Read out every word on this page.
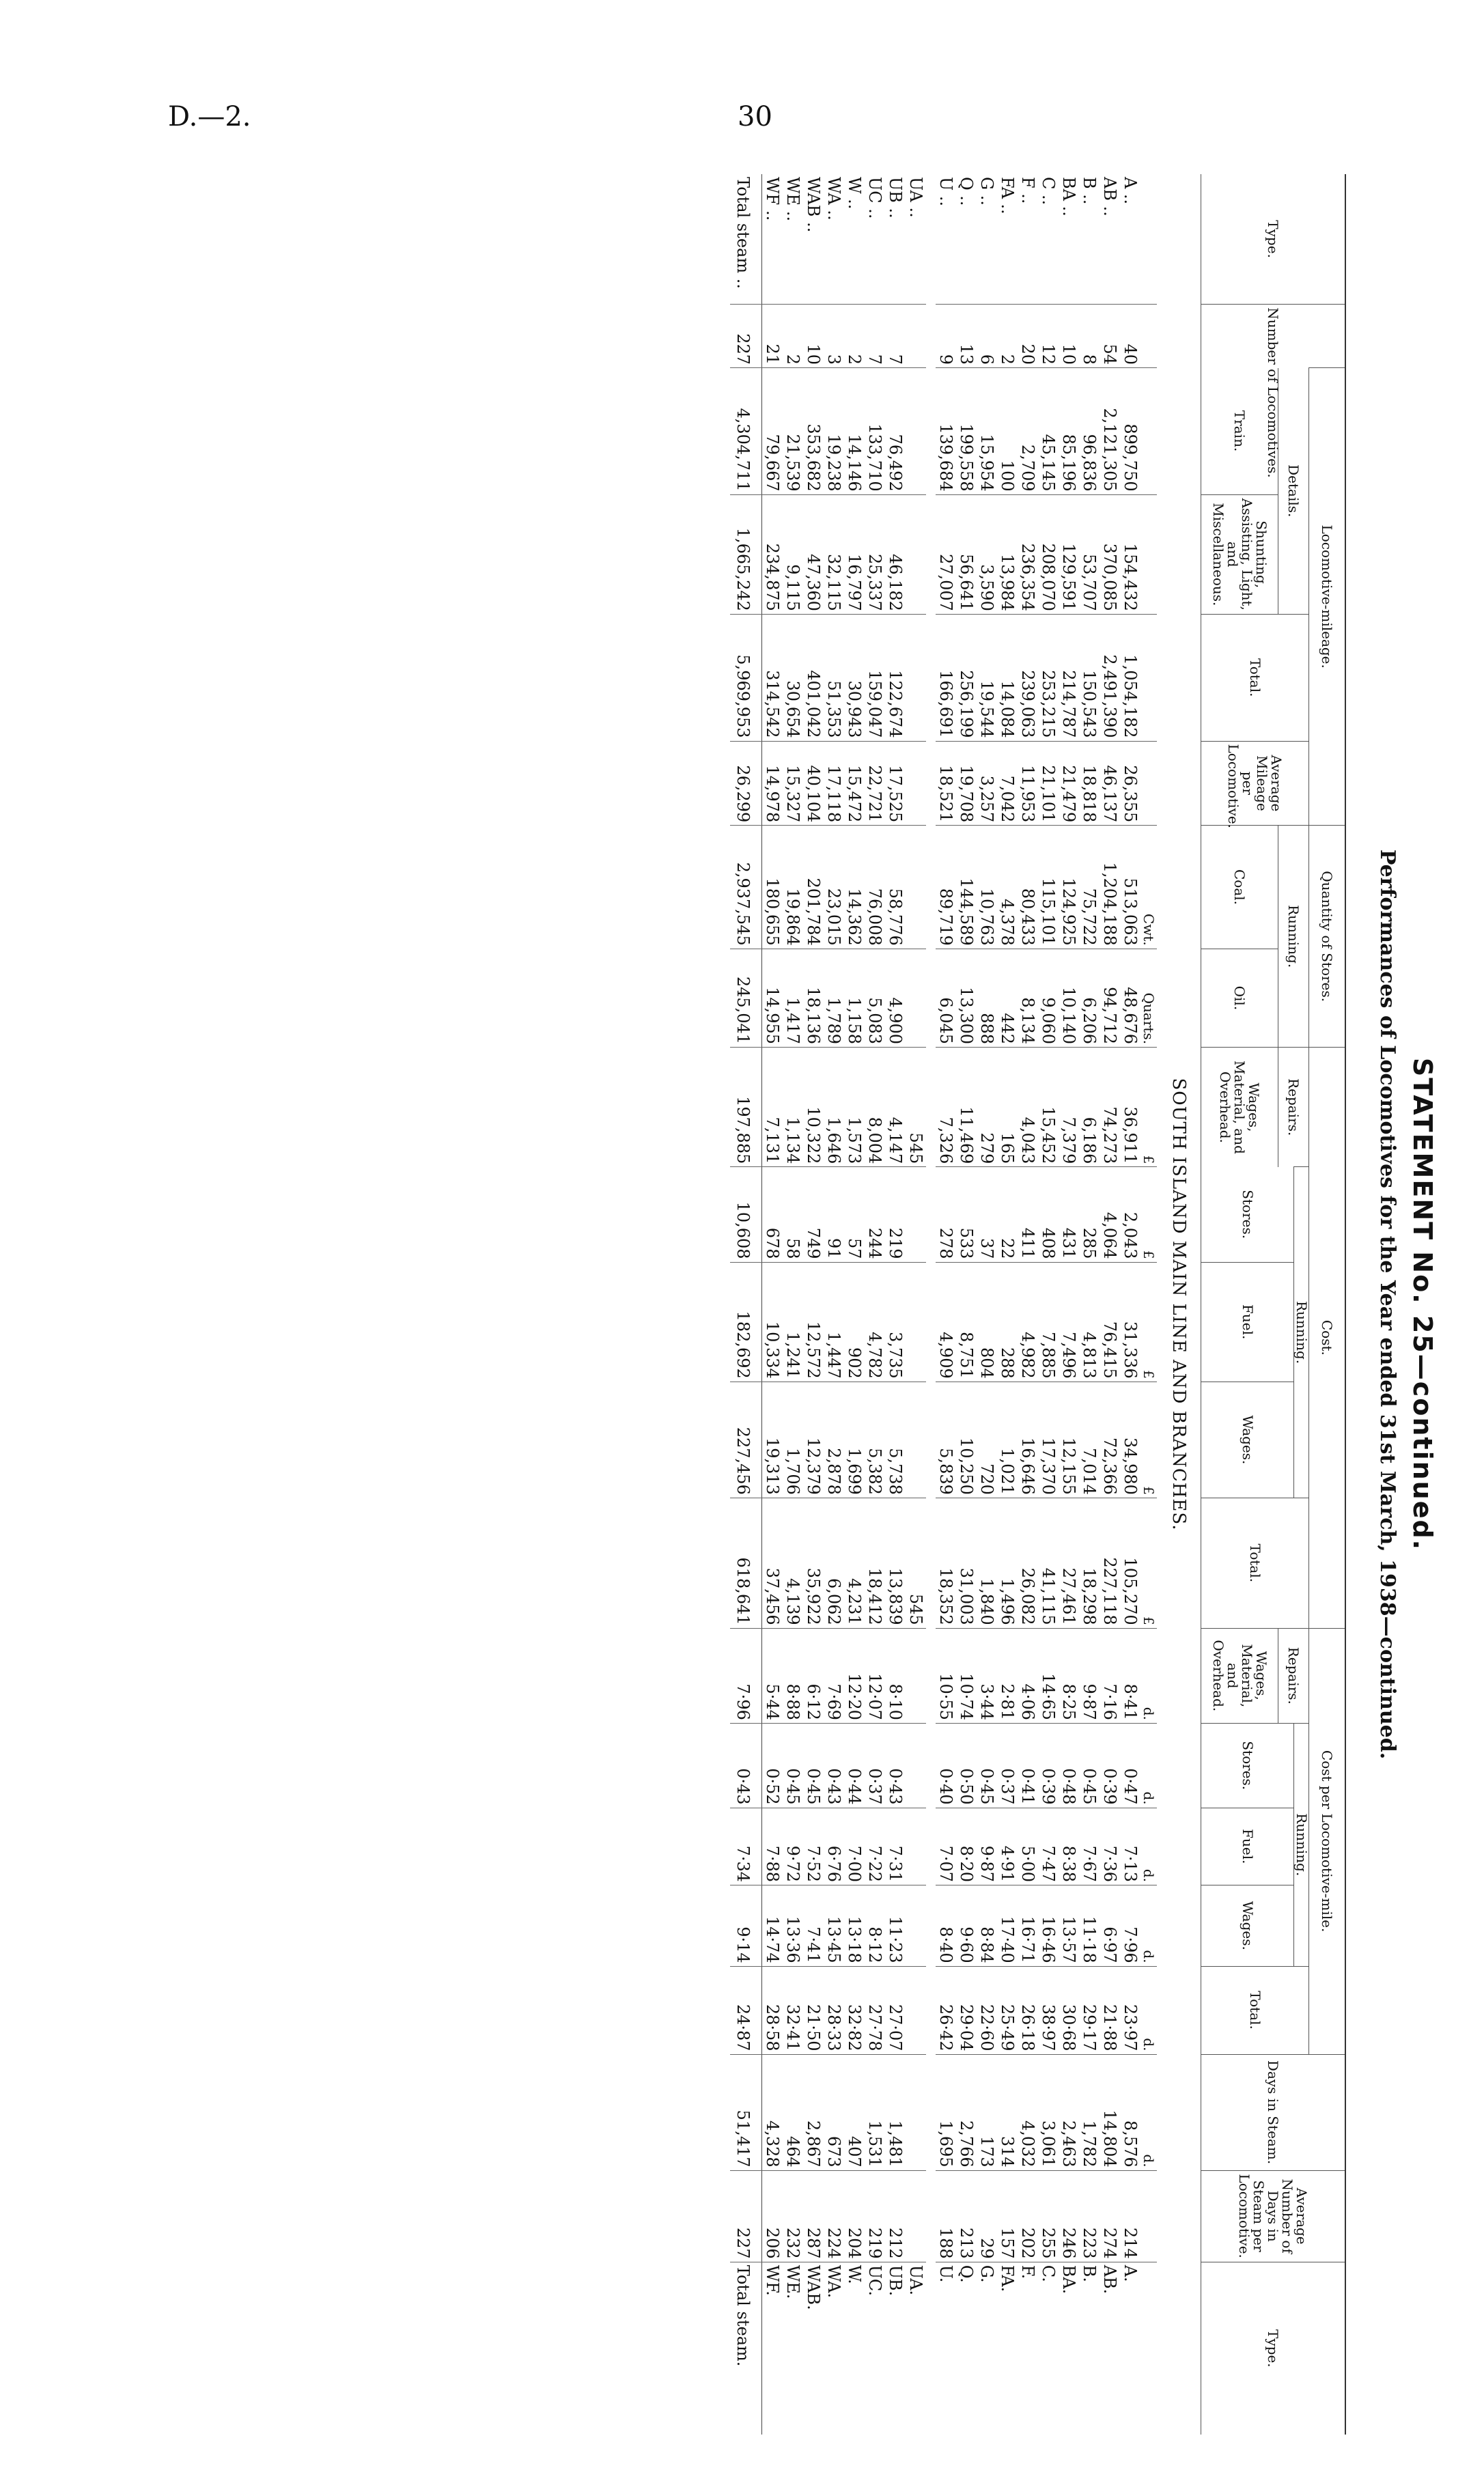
D.—2.	30
STATEMENT No. 25—continued.
Performances of Locomotives for the Year ended 31st March, 1938—continued.
Type.	Number of Locomotives.	Locomotive-mileage.				Quantity of Stores.		Cost.					Cost per Locomotive-mile.					Days in Steam.	Average Number of Days in Steam per Locomotive.	Type.
		Details.		Total.	Average Mileage per Locomotive.	Running.		Repairs.	Running.			Total.	Repairs.	Running.			Total.			
									Stores.	Fuel.	Wages.			Stores.	Fuel.	Wages.				
		Train.	Shunting, Assisting, Light, and Miscellaneous.			Coal.	Oil.	Wages, Material, and Overhead.					Wages, Material, and Overhead.							
SOUTH ISLAND MAIN LINE AND BRANCHES.																				
						Cwt.	Quarts.	£	£	£	£	£	d.	d.	d.	d.	d.	d.		
A ..	40	899,750	154,432	1,054,182	26,355	513,063	48,676	36,911	2,043	31,336	34,980	105,270	8·41	0·47	7·13	7·96	23·97	8,576	214	A.
AB ..	54	2,121,305	370,085	2,491,390	46,137	1,204,188	94,712	74,273	4,064	76,415	72,366	227,118	7·16	0·39	7·36	6·97	21·88	14,804	274	AB.
B ..	8	96,836	53,707	150,543	18,818	75,722	6,206	6,186	285	4,813	7,014	18,298	9·87	0·45	7·67	11·18	29·17	1,782	223	B.
BA ..	10	85,196	129,591	214,787	21,479	124,925	10,140	7,379	431	7,496	12,155	27,461	8·25	0·48	8·38	13·57	30·68	2,463	246	BA.
C ..	12	45,145	208,070	253,215	21,101	115,101	9,060	15,452	408	7,885	17,370	41,115	14·65	0·39	7·47	16·46	38·97	3,061	255	C.
F ..	20	2,709	236,354	239,063	11,953	80,433	8,134	4,043	411	4,982	16,646	26,082	4·06	0·41	5·00	16·71	26·18	4,032	202	F.
FA ..	2	100	13,984	14,084	7,042	4,378	442	165	22	288	1,021	1,496	2·81	0·37	4·91	17·40	25·49	314	157	FA.
G ..	6	15,954	3,590	19,544	3,257	10,763	888	279	37	804	720	1,840	3·44	0·45	9·87	8·84	22·60	173	29	G.
Q ..	13	199,558	56,641	256,199	19,708	144,589	13,300	11,469	533	8,751	10,250	31,003	10·74	0·50	8·20	9·60	29·04	2,766	213	Q.
U ..	9	139,684	27,007	166,691	18,521	89,719	6,045	7,326	278	4,909	5,839	18,352	10·55	0·40	7·07	8·40	26·42	1,695	188	U.

UA ..								545				545								UA.
UB ..	7	76,492	46,182	122,674	17,525	58,776	4,900	4,147	219	3,735	5,738	13,839	8·10	0·43	7·31	11·23	27·07	1,481	212	UB.
UC ..	7	133,710	25,337	159,047	22,721	76,008	5,083	8,004	244	4,782	5,382	18,412	12·07	0·37	7·22	8·12	27·78	1,531	219	UC.
W ..	2	14,146	16,797	30,943	15,472	14,362	1,158	1,573	57	902	1,699	4,231	12·20	0·44	7·00	13·18	32·82	407	204	W.
WA ..	3	19,238	32,115	51,353	17,118	23,015	1,789	1,646	91	1,447	2,878	6,062	7·69	0·43	6·76	13·45	28·33	673	224	WA.
WAB ..	10	353,682	47,360	401,042	40,104	201,784	18,136	10,322	749	12,572	12,379	35,922	6·12	0·45	7·52	7·41	21·50	2,867	287	WAB.
WE ..	2	21,539	9,115	30,654	15,327	19,864	1,417	1,134	58	1,241	1,706	4,139	8·88	0·45	9·72	13·36	32·41	464	232	WE.
WF ..	21	79,667	234,875	314,542	14,978	180,655	14,955	7,131	678	10,334	19,313	37,456	5·44	0·52	7·88	14·74	28·58	4,328	206	WF.
Total steam ..	227	4,304,711	1,665,242	5,969,953	26,299	2,937,545	245,041	197,885	10,608	182,692	227,456	618,641	7·96	0·43	7·34	9·14	24·87	51,417	227	Total steam.
